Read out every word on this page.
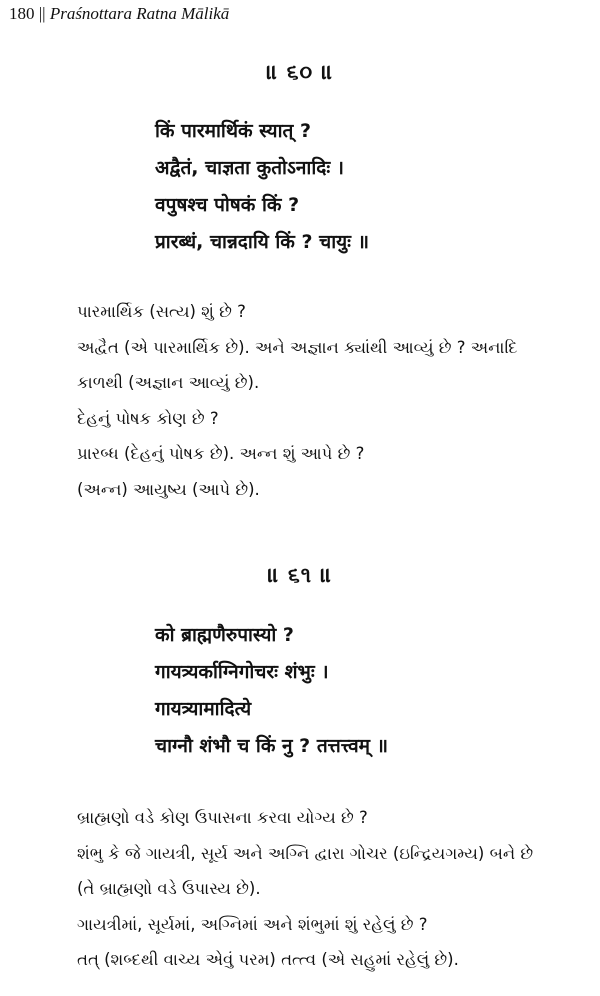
180 || Praśnottara Ratna Mālikā
॥ ૬૦ ॥
किं पारमार्थिकं स्यात् ?
अद्वैतं, चाज्ञता कुतोऽनादिः ।
वपुषश्च पोषकं किं ?
प्रारब्धं, चान्नदायि किं ? चायुः ॥
પારમાર્થિક (સત્ય) શું છે ?
અદ્વૈત (એ પારમાર્થિક છે). અને અજ્ઞાન ક્યાંથી આવ્યું છે ? અનાદિ
કાળથી (અજ્ઞાન આવ્યું છે).
દેહનું પોષક કોણ છે ?
પ્રારબ્ધ (દેહનું પોષક છે). અન્ન શું આપે છે ?
(અન્ન) આયુષ્ય (આપે છે).
॥ ૬૧ ॥
को ब्राह्मणैरुपास्यो ?
गायत्र्यर्काग्निगोचरः शंभुः ।
गायत्र्यामादित्ये
चाग्नौ शंभौ च किं नु ? तत्तत्त्वम् ॥
બ્રાહ્મણો વડે કોણ ઉપાસના કરવા યોગ્ય છે ?
શંભુ કે જે ગાયત્રી, સૂર્ય અને અગ્નિ દ્વારા ગોચર (ઇન્દ્રિયગમ્ય) બને છે
(તે બ્રાહ્મણો વડે ઉપાસ્ય છે).
ગાયત્રીમાં, સૂર્યમાં, અગ્નિમાં અને શંભુમાં શું રહેલું છે ?
તત્ (શબ્દથી વાચ્ય એવું પરમ) તત્ત્વ (એ સહુમાં રહેલું છે).
